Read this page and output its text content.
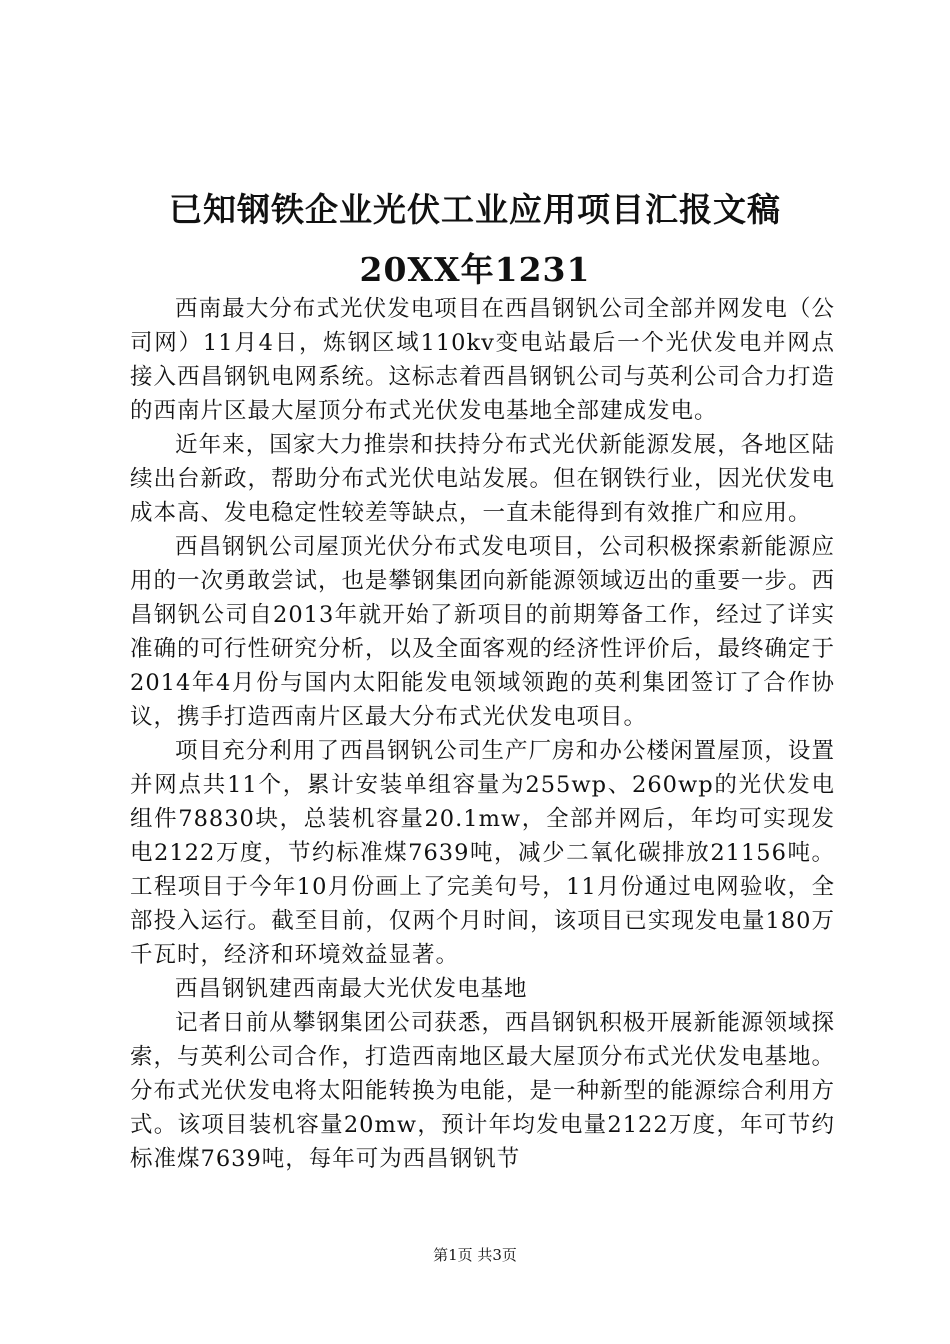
已知钢铁企业光伏工业应用项目汇报文稿
20XX年1231

西南最大分布式光伏发电项目在西昌钢钒公司全部并网发电（公司网）11月4日，炼钢区域110kv变电站最后一个光伏发电并网点接入西昌钢钒电网系统。这标志着西昌钢钒公司与英利公司合力打造的西南片区最大屋顶分布式光伏发电基地全部建成发电。

近年来，国家大力推崇和扶持分布式光伏新能源发展，各地区陆续出台新政，帮助分布式光伏电站发展。但在钢铁行业，因光伏发电成本高、发电稳定性较差等缺点，一直未能得到有效推广和应用。

西昌钢钒公司屋顶光伏分布式发电项目，公司积极探索新能源应用的一次勇敢尝试，也是攀钢集团向新能源领域迈出的重要一步。西昌钢钒公司自2013年就开始了新项目的前期筹备工作，经过了详实准确的可行性研究分析，以及全面客观的经济性评价后，最终确定于2014年4月份与国内太阳能发电领域领跑的英利集团签订了合作协议，携手打造西南片区最大分布式光伏发电项目。

项目充分利用了西昌钢钒公司生产厂房和办公楼闲置屋顶，设置并网点共11个，累计安装单组容量为255wp、260wp的光伏发电组件78830块，总装机容量20.1mw，全部并网后，年均可实现发电2122万度，节约标准煤7639吨，减少二氧化碳排放21156吨。工程项目于今年10月份画上了完美句号，11月份通过电网验收，全部投入运行。截至目前，仅两个月时间，该项目已实现发电量180万千瓦时，经济和环境效益显著。

西昌钢钒建西南最大光伏发电基地

记者日前从攀钢集团公司获悉，西昌钢钒积极开展新能源领域探索，与英利公司合作，打造西南地区最大屋顶分布式光伏发电基地。分布式光伏发电将太阳能转换为电能，是一种新型的能源综合利用方式。该项目装机容量20mw，预计年均发电量2122万度，年可节约标准煤7639吨，每年可为西昌钢钒节

第1页 共3页
